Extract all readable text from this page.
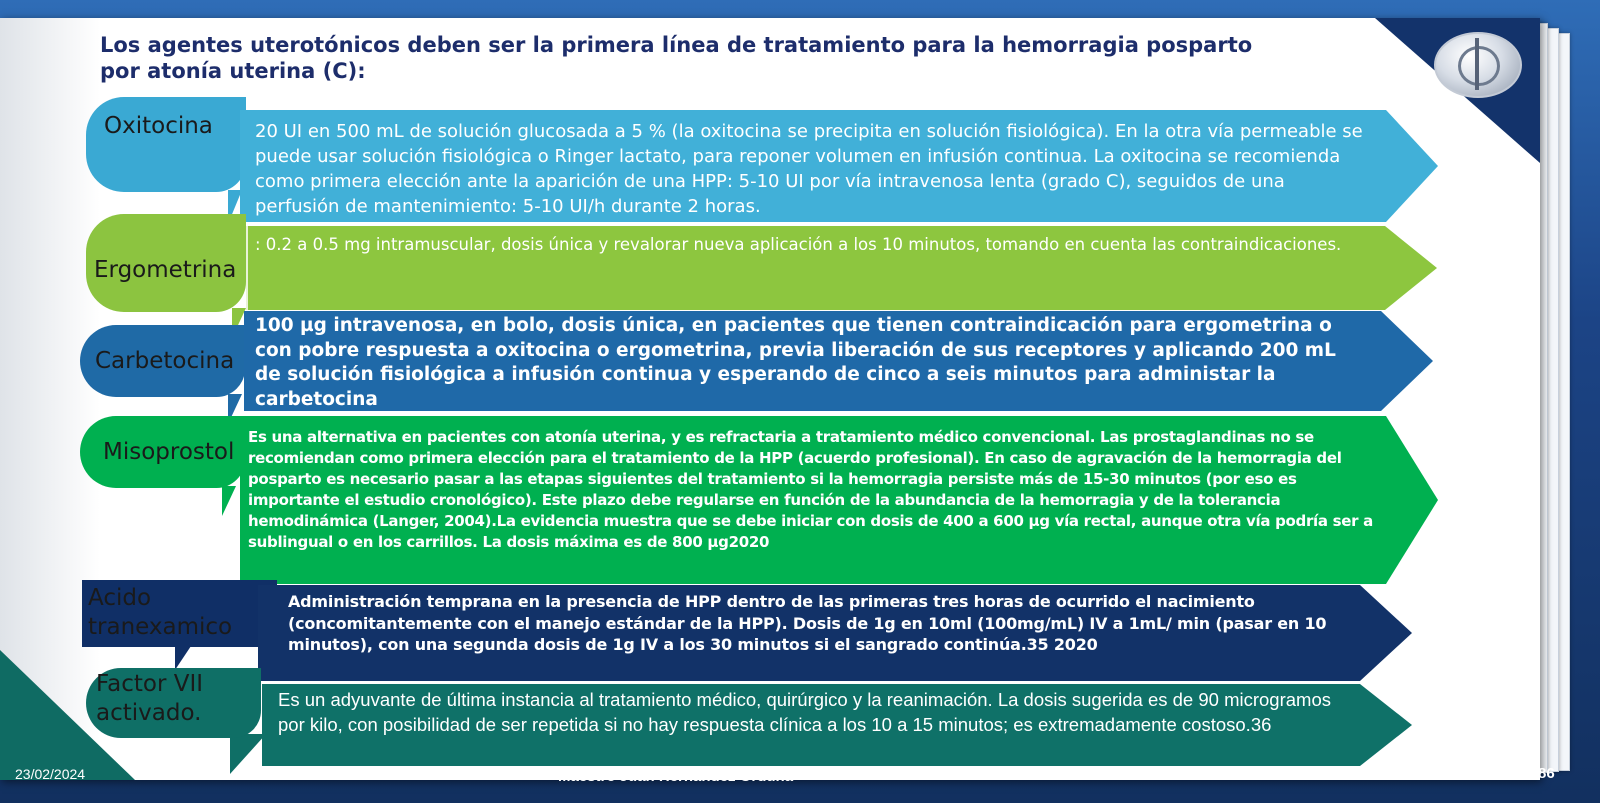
Los agentes uterotónicos deben ser la primera línea de tratamiento para la hemorragia posparto por atonía uterina (C):
Oxitocina 20 UI en 500 mL de solución glucosada a 5 % (la oxitocina se precipita en solución fisiológica). En la otra vía permeable se puede usar solución fisiológica o Ringer lactato, para reponer volumen en infusión continua. La oxitocina se recomienda como primera elección ante la aparición de una HPP: 5-10 UI por vía intravenosa lenta (grado C), seguidos de una perfusión de mantenimiento: 5-10 UI/h durante 2 horas.
Ergometrina
: 0.2 a 0.5 mg intramuscular, dosis única y revalorar nueva aplicación a los 10 minutos, tomando en cuenta las contraindicaciones.
Carbetocina
100 µg intravenosa, en bolo, dosis única, en pacientes que tienen contraindicación para ergometrina o con pobre respuesta a oxitocina o ergometrina, previa liberación de sus receptores y aplicando 200 mL de solución fisiológica a infusión continua y esperando de cinco a seis minutos para administar la carbetocina
Misoprostol
Es una alternativa en pacientes con atonía uterina, y es refractaria a tratamiento médico convencional. Las prostaglandinas no se recomiendan como primera elección para el tratamiento de la HPP (acuerdo profesional). En caso de agravación de la hemorragia del posparto es necesario pasar a las etapas siguientes del tratamiento si la hemorragia persiste más de 15-30 minutos (por eso es importante el estudio cronológico). Este plazo debe regularse en función de la abundancia de la hemorragia y de la tolerancia hemodinámica (Langer, 2004).La evidencia muestra que se debe iniciar con dosis de 400 a 600 µg vía rectal, aunque otra vía podría ser a sublingual o en los carrillos. La dosis máxima es de 800 µg2020
Acido tranexamico
Administración temprana en la presencia de HPP dentro de las primeras tres horas de ocurrido el nacimiento (concomitantemente con el manejo estándar de la HPP). Dosis de 1g en 10ml (100mg/mL) IV a 1mL/ min (pasar en 10 minutos), con una segunda dosis de 1g IV a los 30 minutos si el sangrado continúa.35 2020
Factor VII activado.
Es un adyuvante de última instancia al tratamiento médico, quirúrgico y la reanimación. La dosis sugerida es de 90 microgramos por kilo, con posibilidad de ser repetida si no hay respuesta clínica a los 10 a 15 minutos; es extremadamente costoso.36
23/02/2024	Maestro Juan Hernández Orduña	86
